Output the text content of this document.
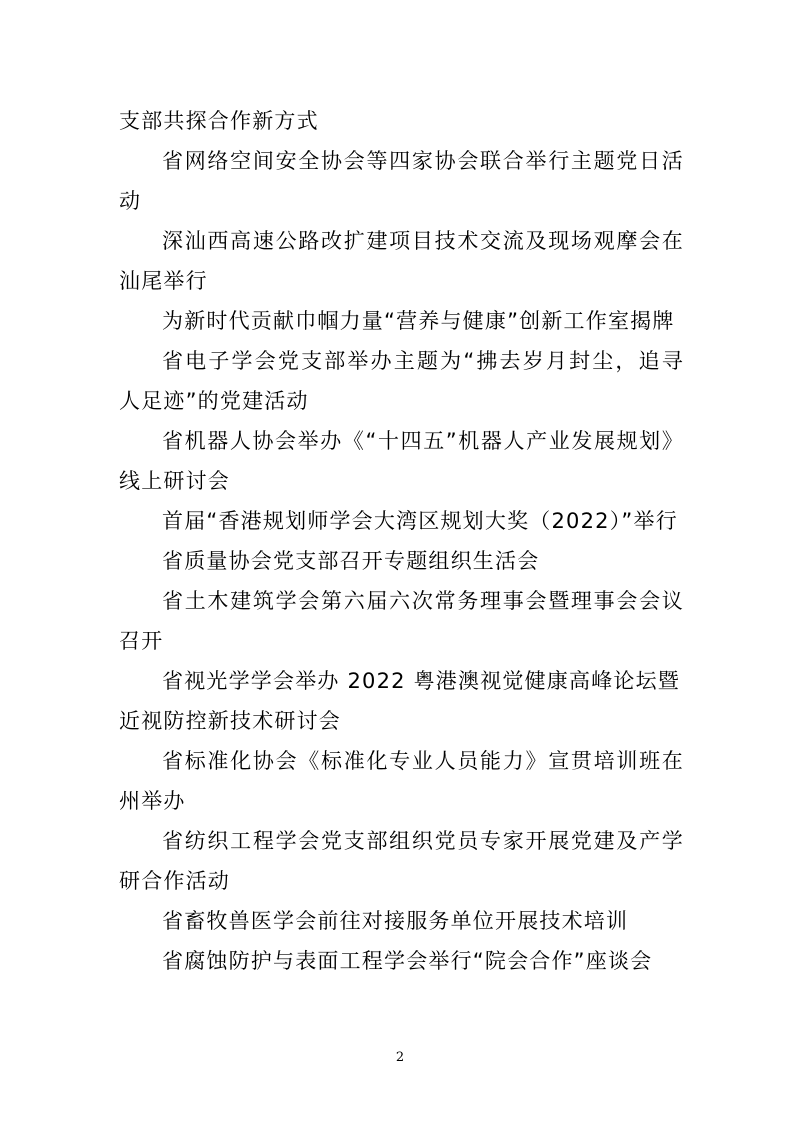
支部共探合作新方式
省网络空间安全协会等四家协会联合举行主题党日活
动
深汕西高速公路改扩建项目技术交流及现场观摩会在
汕尾举行
为新时代贡献巾帼力量“营养与健康”创新工作室揭牌
省电子学会党支部举办主题为“拂去岁月封尘，追寻
人足迹”的党建活动
省机器人协会举办《“十四五”机器人产业发展规划》
线上研讨会
首届“香港规划师学会大湾区规划大奖（2022）”举行
省质量协会党支部召开专题组织生活会
省土木建筑学会第六届六次常务理事会暨理事会会议
召开
省视光学学会举办 2022 粤港澳视觉健康高峰论坛暨
近视防控新技术研讨会
省标准化协会《标准化专业人员能力》宣贯培训班在
州举办
省纺织工程学会党支部组织党员专家开展党建及产学
研合作活动
省畜牧兽医学会前往对接服务单位开展技术培训
省腐蚀防护与表面工程学会举行“院会合作”座谈会
2
